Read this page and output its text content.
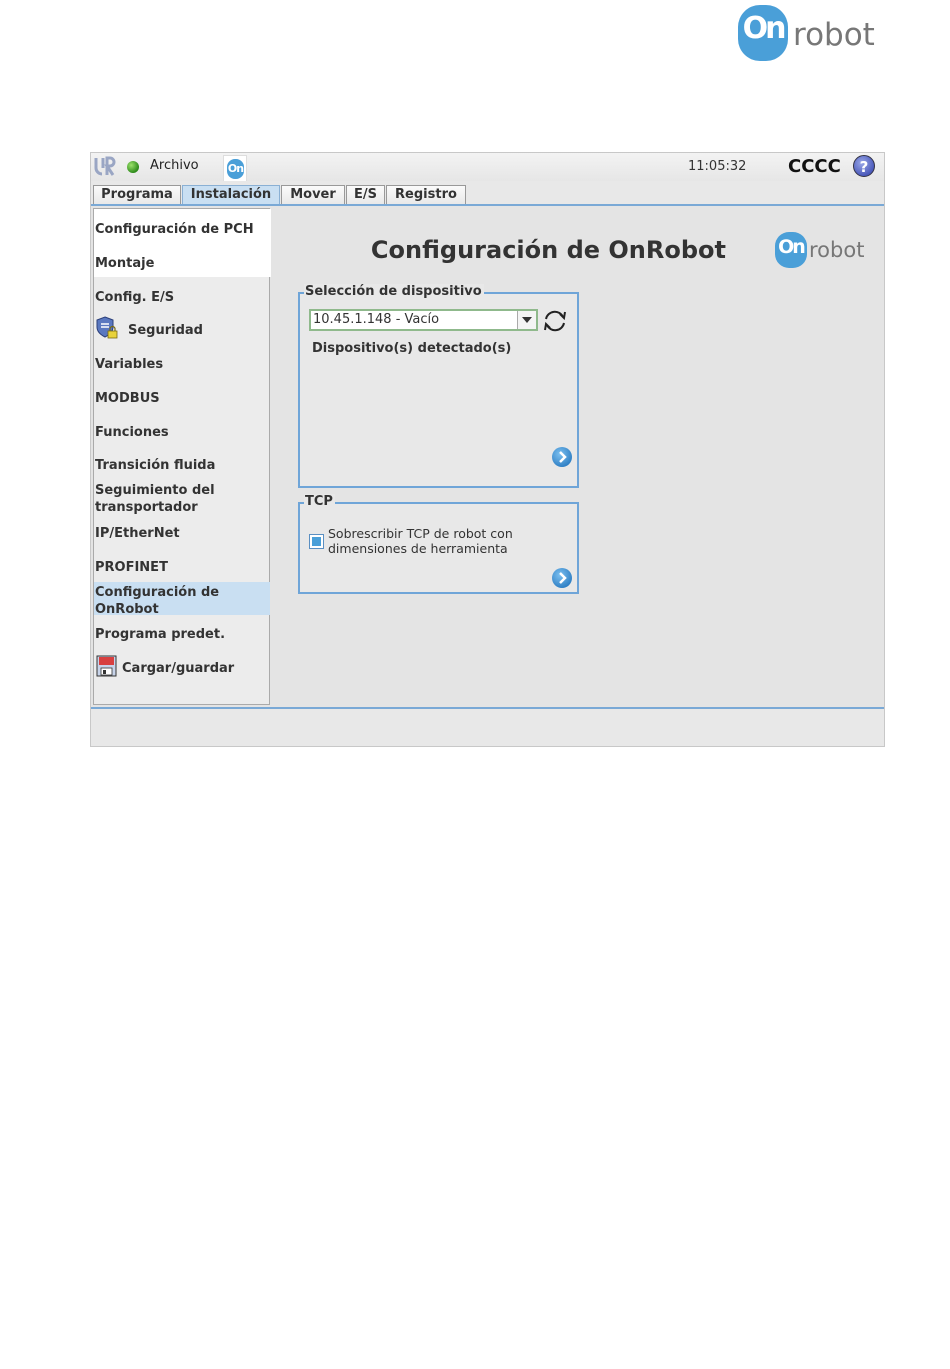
On robot
Archivo	On	11:05:32 CCCC	?
Programa	Instalación	Mover	E/S	Registro
Configuración de PCH
Montaje
Config. E/S
Seguridad
Variables
MODBUS
Funciones
Transición fluida
Seguimiento del transportador
IP/EtherNet
PROFINET
Configuración de OnRobot
Programa predet.
Cargar/guardar
Configuración de OnRobot	On robot
Selección de dispositivo
10.45.1.148 - Vacío
Dispositivo(s) detectado(s)
TCP
Sobrescribir TCP de robot con
dimensiones de herramienta
